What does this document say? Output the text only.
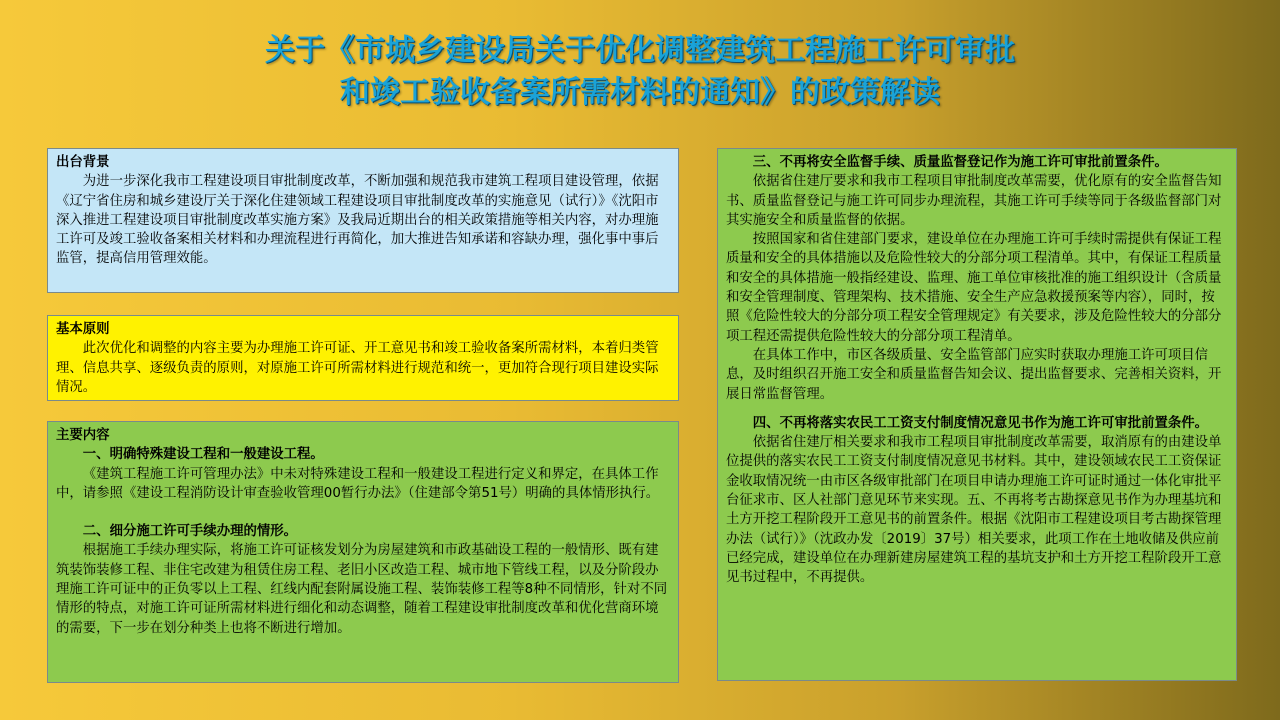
关于《市城乡建设局关于优化调整建筑工程施工许可审批
和竣工验收备案所需材料的通知》的政策解读

出台背景

为进一步深化我市工程建设项目审批制度改革，不断加强和规范我市建筑工程项目建设管理，依据《辽宁省住房和城乡建设厅关于深化住建领域工程建设项目审批制度改革的实施意见（试行）》《沈阳市深入推进工程建设项目审批制度改革实施方案》及我局近期出台的相关政策措施等相关内容，对办理施工许可及竣工验收备案相关材料和办理流程进行再简化，加大推进告知承诺和容缺办理，强化事中事后监管，提高信用管理效能。

基本原则

此次优化和调整的内容主要为办理施工许可证、开工意见书和竣工验收备案所需材料，本着归类管理、信息共享、逐级负责的原则，对原施工许可所需材料进行规范和统一，更加符合现行项目建设实际情况。

主要内容

一、明确特殊建设工程和一般建设工程。

《建筑工程施工许可管理办法》中未对特殊建设工程和一般建设工程进行定义和界定，在具体工作中，请参照《建设工程消防设计审查验收管理00暂行办法》（住建部令第51号）明确的具体情形执行。

二、细分施工许可手续办理的情形。

根据施工手续办理实际，将施工许可证核发划分为房屋建筑和市政基础设工程的一般情形、既有建筑装饰装修工程、非住宅改建为租赁住房工程、老旧小区改造工程、城市地下管线工程，以及分阶段办理施工许可证中的正负零以上工程、红线内配套附属设施工程、装饰装修工程等8种不同情形，针对不同情形的特点，对施工许可证所需材料进行细化和动态调整，随着工程建设审批制度改革和优化营商环境的需要，下一步在划分种类上也将不断进行增加。

三、不再将安全监督手续、质量监督登记作为施工许可审批前置条件。

依据省住建厅要求和我市工程项目审批制度改革需要，优化原有的安全监督告知书、质量监督登记与施工许可同步办理流程，其施工许可手续等同于各级监督部门对其实施安全和质量监督的依据。

按照国家和省住建部门要求，建设单位在办理施工许可手续时需提供有保证工程质量和安全的具体措施以及危险性较大的分部分项工程清单。其中，有保证工程质量和安全的具体措施一般指经建设、监理、施工单位审核批准的施工组织设计（含质量和安全管理制度、管理架构、技术措施、安全生产应急救援预案等内容），同时，按照《危险性较大的分部分项工程安全管理规定》有关要求，涉及危险性较大的分部分项工程还需提供危险性较大的分部分项工程清单。

在具体工作中，市区各级质量、安全监管部门应实时获取办理施工许可项目信息，及时组织召开施工安全和质量监督告知会议、提出监督要求、完善相关资料，开展日常监督管理。

四、不再将落实农民工工资支付制度情况意见书作为施工许可审批前置条件。

依据省住建厅相关要求和我市工程项目审批制度改革需要，取消原有的由建设单位提供的落实农民工工资支付制度情况意见书材料。其中，建设领域农民工工资保证金收取情况统一由市区各级审批部门在项目申请办理施工许可证时通过一体化审批平台征求市、区人社部门意见环节来实现。五、不再将考古勘探意见书作为办理基坑和土方开挖工程阶段开工意见书的前置条件。根据《沈阳市工程建设项目考古勘探管理办法（试行）》（沈政办发〔2019〕37号）相关要求，此项工作在土地收储及供应前已经完成，建设单位在办理新建房屋建筑工程的基坑支护和土方开挖工程阶段开工意见书过程中，不再提供。
